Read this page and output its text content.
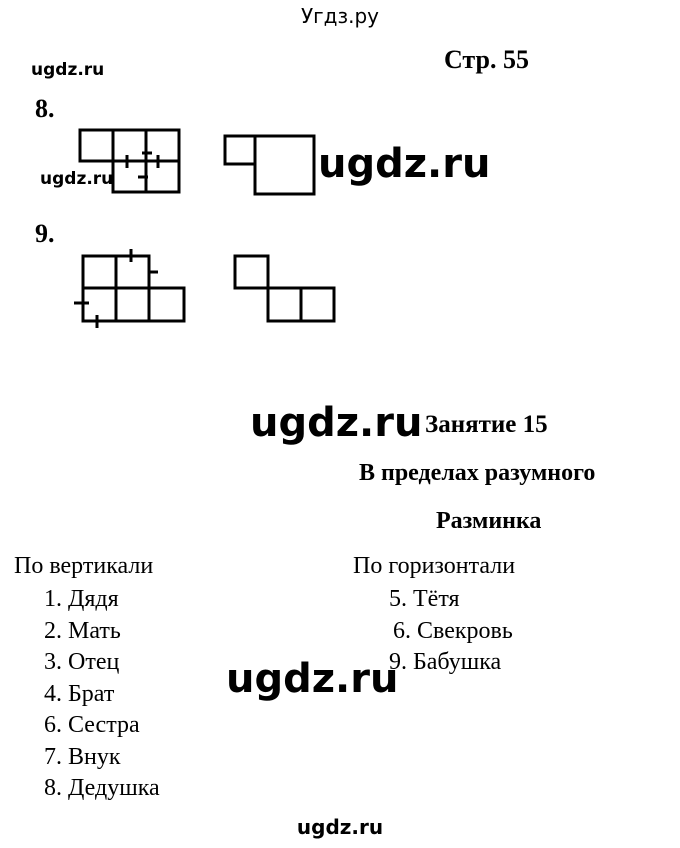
Угдз.ру
ugdz.ru	Стр. 55
8.
ugdz.ru	ugdz.ru
9.
ugdz.ru Занятие 15
В пределах разумного
Разминка
По вертикали
1. Дядя
2. Мать
3. Отец
4. Брат
6. Сестра
7. Внук
8. Дедушка
По горизонтали
5. Тётя
6. Свекровь
9. Бабушка
ugdz.ru
ugdz.ru
